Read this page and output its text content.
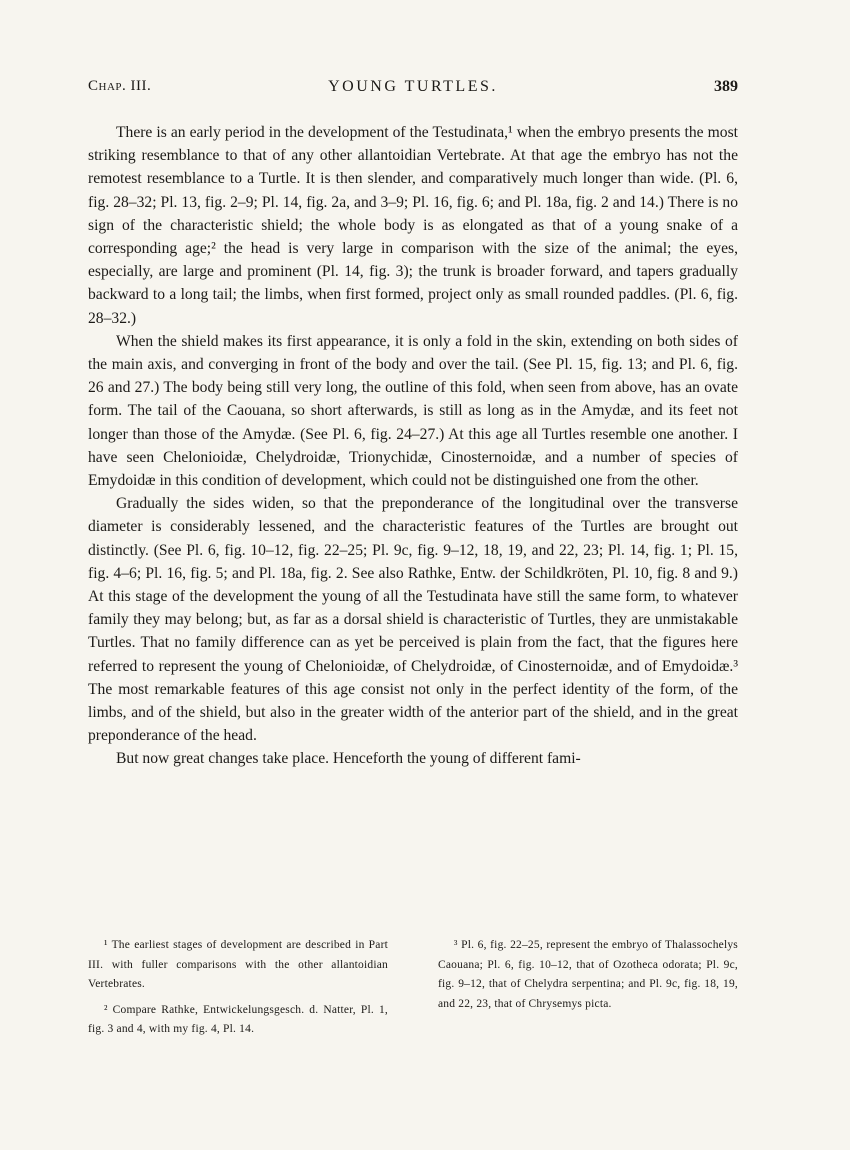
Chap. III.	YOUNG TURTLES.	389

There is an early period in the development of the Testudinata,¹ when the embryo presents the most striking resemblance to that of any other allantoidian Vertebrate. At that age the embryo has not the remotest resemblance to a Turtle. It is then slender, and comparatively much longer than wide. (Pl. 6, fig. 28–32; Pl. 13, fig. 2–9; Pl. 14, fig. 2a, and 3–9; Pl. 16, fig. 6; and Pl. 18a, fig. 2 and 14.) There is no sign of the characteristic shield; the whole body is as elongated as that of a young snake of a corresponding age;² the head is very large in comparison with the size of the animal; the eyes, especially, are large and prominent (Pl. 14, fig. 3); the trunk is broader forward, and tapers gradually backward to a long tail; the limbs, when first formed, project only as small rounded paddles. (Pl. 6, fig. 28–32.)

When the shield makes its first appearance, it is only a fold in the skin, extending on both sides of the main axis, and converging in front of the body and over the tail. (See Pl. 15, fig. 13; and Pl. 6, fig. 26 and 27.) The body being still very long, the outline of this fold, when seen from above, has an ovate form. The tail of the Caouana, so short afterwards, is still as long as in the Amydæ, and its feet not longer than those of the Amydæ. (See Pl. 6, fig. 24–27.) At this age all Turtles resemble one another. I have seen Chelonioidæ, Chelydroidæ, Trionychidæ, Cinosternoidæ, and a number of species of Emydoidæ in this condition of development, which could not be distinguished one from the other.

Gradually the sides widen, so that the preponderance of the longitudinal over the transverse diameter is considerably lessened, and the characteristic features of the Turtles are brought out distinctly. (See Pl. 6, fig. 10–12, fig. 22–25; Pl. 9c, fig. 9–12, 18, 19, and 22, 23; Pl. 14, fig. 1; Pl. 15, fig. 4–6; Pl. 16, fig. 5; and Pl. 18a, fig. 2. See also Rathke, Entw. der Schildkröten, Pl. 10, fig. 8 and 9.) At this stage of the development the young of all the Testudinata have still the same form, to whatever family they may belong; but, as far as a dorsal shield is characteristic of Turtles, they are unmistakable Turtles. That no family difference can as yet be perceived is plain from the fact, that the figures here referred to represent the young of Chelonioidæ, of Chelydroidæ, of Cinosternoidæ, and of Emydoidæ.³ The most remarkable features of this age consist not only in the perfect identity of the form, of the limbs, and of the shield, but also in the greater width of the anterior part of the shield, and in the great preponderance of the head.

But now great changes take place. Henceforth the young of different fami-

¹ The earliest stages of development are described in Part III. with fuller comparisons with the other allantoidian Vertebrates.

² Compare Rathke, Entwickelungsgesch. d. Natter, Pl. 1, fig. 3 and 4, with my fig. 4, Pl. 14.

³ Pl. 6, fig. 22–25, represent the embryo of Thalassochelys Caouana; Pl. 6, fig. 10–12, that of Ozotheca odorata; Pl. 9c, fig. 9–12, that of Chelydra serpentina; and Pl. 9c, fig. 18, 19, and 22, 23, that of Chrysemys picta.
